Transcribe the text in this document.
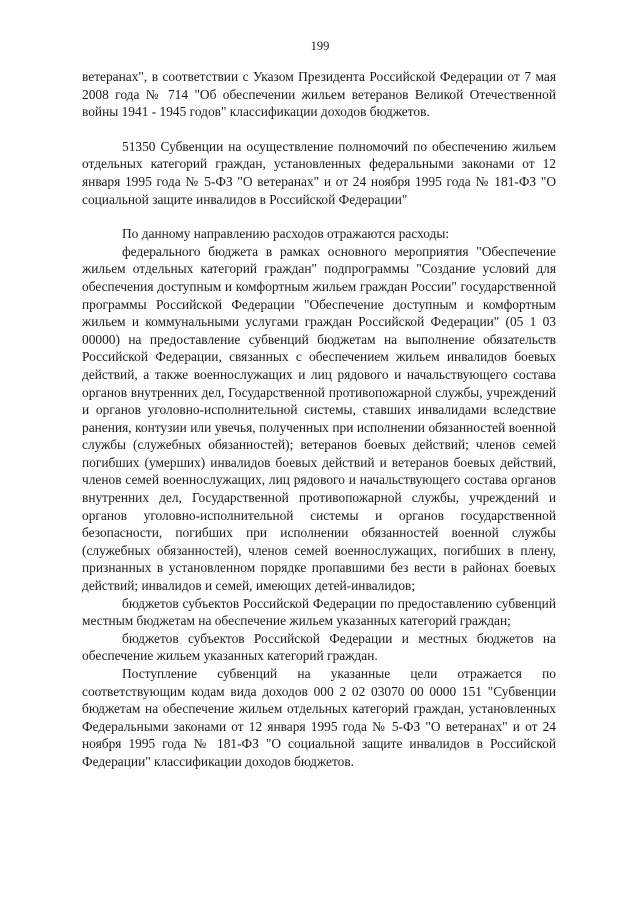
199

ветеранах", в соответствии с Указом Президента Российской Федерации от 7 мая 2008 года № 714 "Об обеспечении жильем ветеранов Великой Отечественной войны 1941 - 1945 годов" классификации доходов бюджетов.

51350 Субвенции на осуществление полномочий по обеспечению жильем отдельных категорий граждан, установленных федеральными законами от 12 января 1995 года № 5-ФЗ "О ветеранах" и от 24 ноября 1995 года № 181-ФЗ "О социальной защите инвалидов в Российской Федерации"

По данному направлению расходов отражаются расходы:

федерального бюджета в рамках основного мероприятия "Обеспечение жильем отдельных категорий граждан" подпрограммы "Создание условий для обеспечения доступным и комфортным жильем граждан России" государственной программы Российской Федерации "Обеспечение доступным и комфортным жильем и коммунальными услугами граждан Российской Федерации" (05 1 03 00000) на предоставление субвенций бюджетам на выполнение обязательств Российской Федерации, связанных с обеспечением жильем инвалидов боевых действий, а также военнослужащих и лиц рядового и начальствующего состава органов внутренних дел, Государственной противопожарной службы, учреждений и органов уголовно-исполнительной системы, ставших инвалидами вследствие ранения, контузии или увечья, полученных при исполнении обязанностей военной службы (служебных обязанностей); ветеранов боевых действий; членов семей погибших (умерших) инвалидов боевых действий и ветеранов боевых действий, членов семей военнослужащих, лиц рядового и начальствующего состава органов внутренних дел, Государственной противопожарной службы, учреждений и органов уголовно-исполнительной системы и органов государственной безопасности, погибших при исполнении обязанностей военной службы (служебных обязанностей), членов семей военнослужащих, погибших в плену, признанных в установленном порядке пропавшими без вести в районах боевых действий; инвалидов и семей, имеющих детей-инвалидов;

бюджетов субъектов Российской Федерации по предоставлению субвенций местным бюджетам на обеспечение жильем указанных категорий граждан;

бюджетов субъектов Российской Федерации и местных бюджетов на обеспечение жильем указанных категорий граждан.

Поступление субвенций на указанные цели отражается по соответствующим кодам вида доходов 000 2 02 03070 00 0000 151 "Субвенции бюджетам на обеспечение жильем отдельных категорий граждан, установленных Федеральными законами от 12 января 1995 года № 5-ФЗ "О ветеранах" и от 24 ноября 1995 года № 181-ФЗ "О социальной защите инвалидов в Российской Федерации" классификации доходов бюджетов.
